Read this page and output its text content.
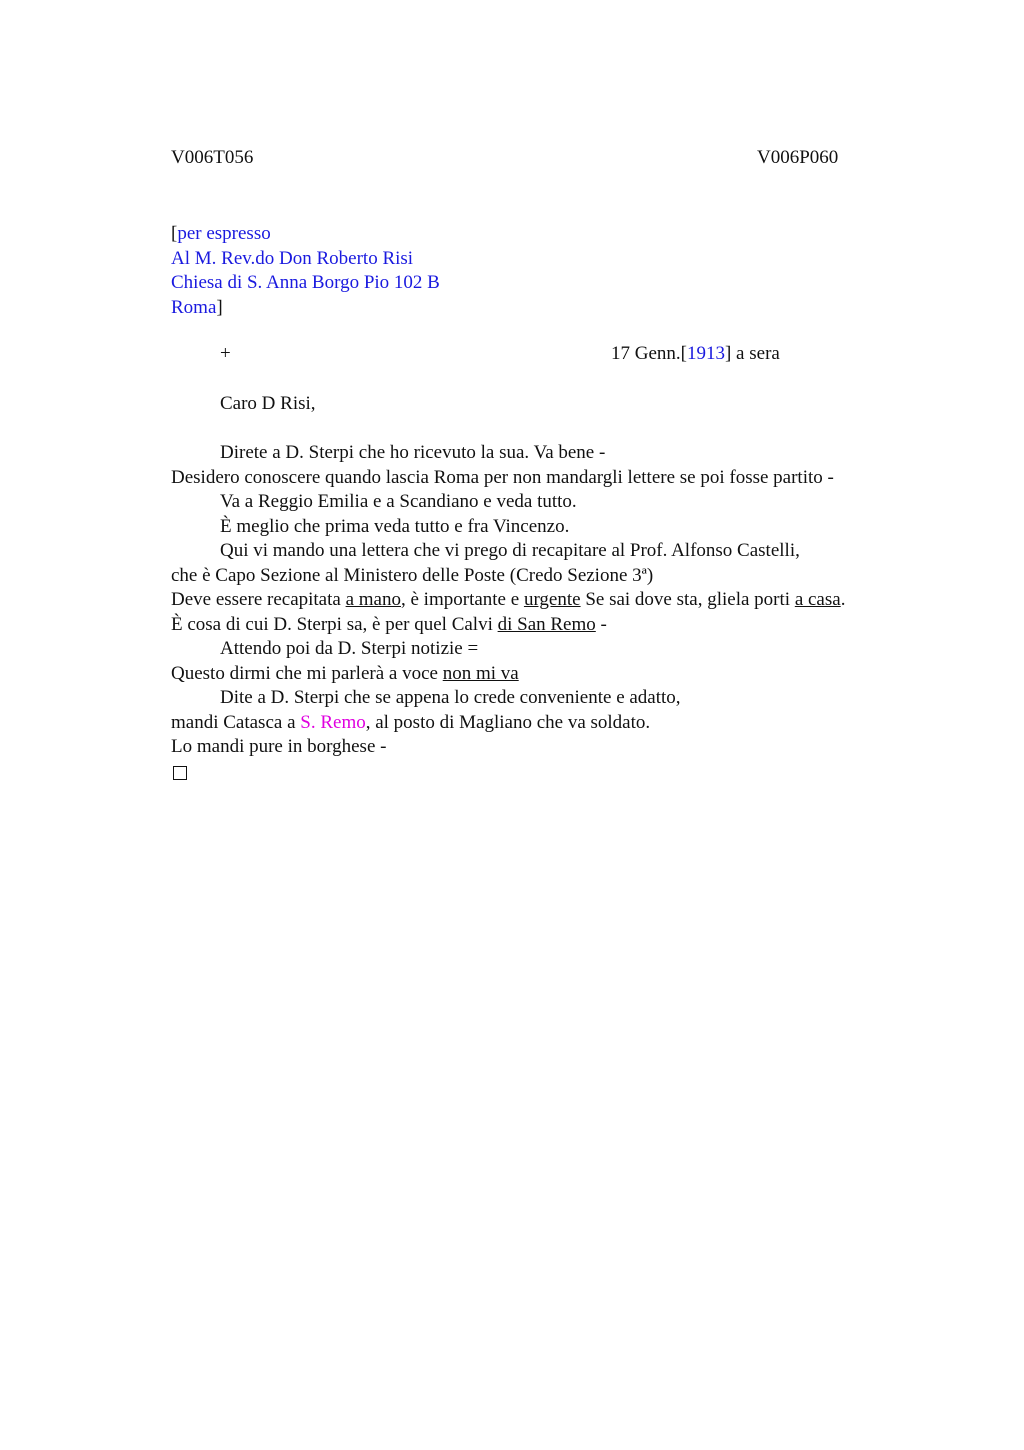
V006T056	V006P060
[per espresso
Al M. Rev.do Don Roberto Risi
Chiesa di S. Anna Borgo Pio 102 B
Roma]
+	17 Genn.[1913] a sera
Caro D Risi,
Direte a D. Sterpi che ho ricevuto la sua. Va bene -
Desidero conoscere quando lascia Roma per non mandargli lettere se poi fosse partito -
Va a Reggio Emilia e a Scandiano e veda tutto.
È meglio che prima veda tutto e fra Vincenzo.
Qui vi mando una lettera che vi prego di recapitare al Prof. Alfonso Castelli,
che è Capo Sezione al Ministero delle Poste (Credo Sezione 3ª)
Deve essere recapitata a mano, è importante e urgente Se sai dove sta, gliela porti a casa.
È cosa di cui D. Sterpi sa, è per quel Calvi di San Remo -
Attendo poi da D. Sterpi notizie =
Questo dirmi che mi parlerà a voce non mi va
Dite a D. Sterpi che se appena lo crede conveniente e adatto,
mandi Catasca a S. Remo, al posto di Magliano che va soldato.
Lo mandi pure in borghese -
